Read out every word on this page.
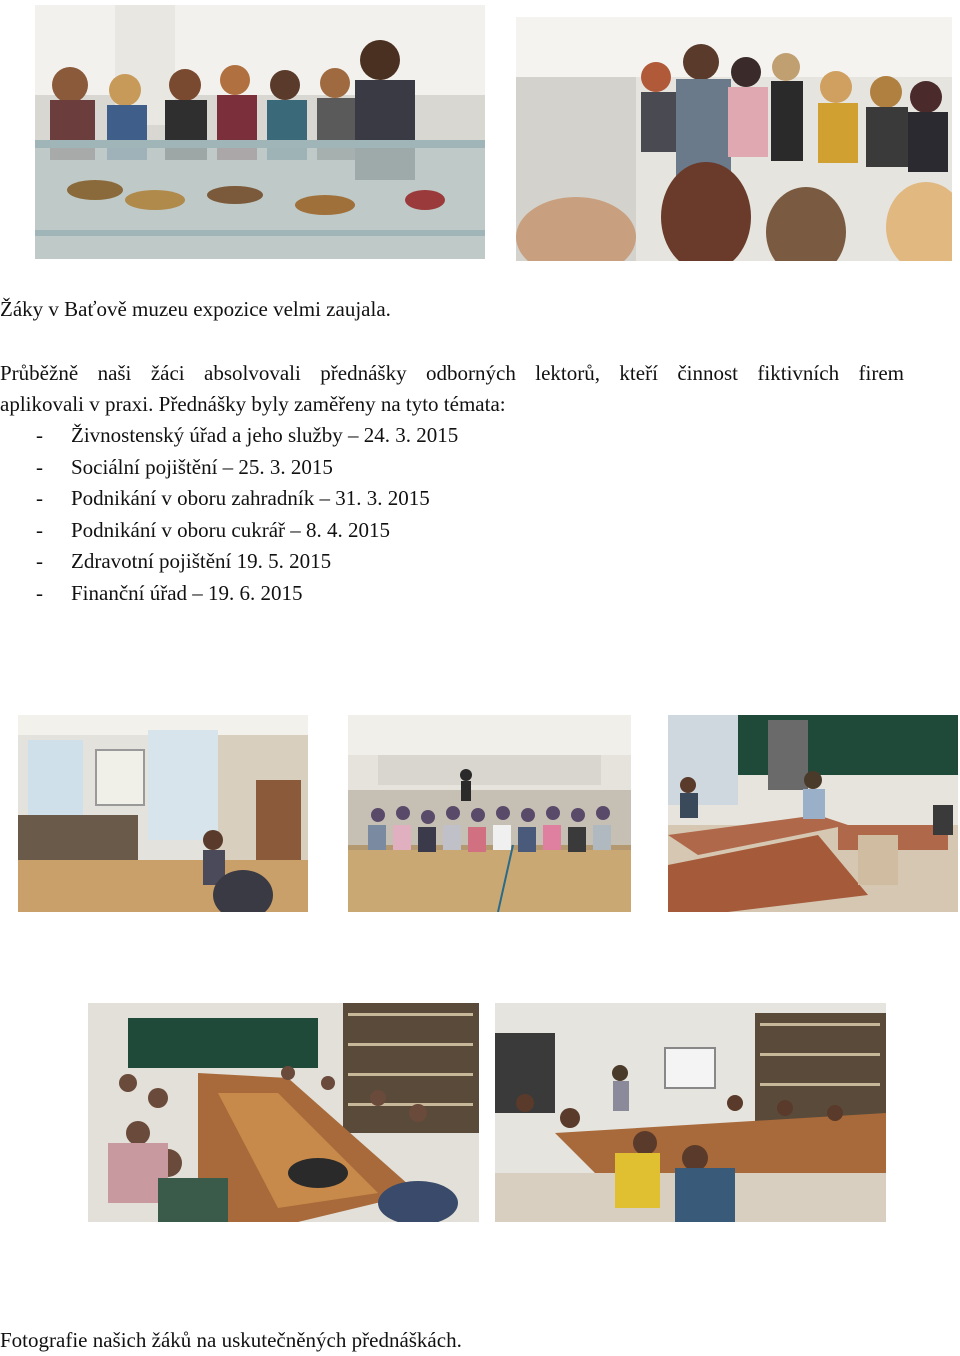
Žáky v Baťově muzeu expozice velmi zaujala.
Průběžně naši žáci absolvovali přednášky odborných lektorů, kteří činnost fiktivních firem
aplikovali v praxi. Přednášky byly zaměřeny na tyto témata:
-	Živnostenský úřad a jeho služby – 24. 3. 2015
-	Sociální pojištění – 25. 3. 2015
-	Podnikání v oboru zahradník – 31. 3. 2015
-	Podnikání v oboru cukrář – 8. 4. 2015
-	Zdravotní pojištění 19. 5. 2015
-	Finanční úřad – 19. 6. 2015
Fotografie našich žáků na uskutečněných přednáškách.
